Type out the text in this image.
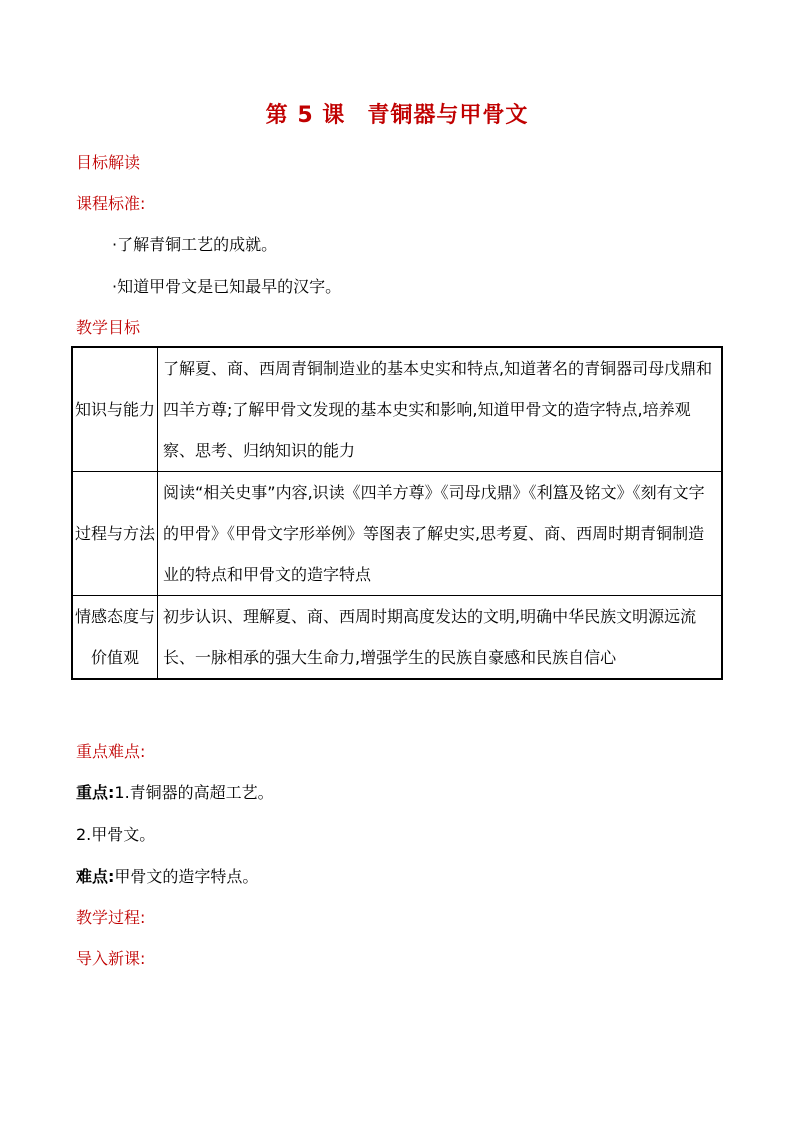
第 5 课 青铜器与甲骨文
目标解读
课程标准:
·了解青铜工艺的成就。
·知道甲骨文是已知最早的汉字。
教学目标
知识与能力	了解夏、商、西周青铜制造业的基本史实和特点,知道著名的青铜器司母戊鼎和四羊方尊;了解甲骨文发现的基本史实和影响,知道甲骨文的造字特点,培养观察、思考、归纳知识的能力
过程与方法	阅读“相关史事”内容,识读《四羊方尊》《司母戊鼎》《利簋及铭文》《刻有文字的甲骨》《甲骨文字形举例》等图表了解史实,思考夏、商、西周时期青铜制造业的特点和甲骨文的造字特点
情感态度与价值观	初步认识、理解夏、商、西周时期高度发达的文明,明确中华民族文明源远流长、一脉相承的强大生命力,增强学生的民族自豪感和民族自信心
重点难点:
重点:1.青铜器的高超工艺。
2.甲骨文。
难点:甲骨文的造字特点。
教学过程:
导入新课:
